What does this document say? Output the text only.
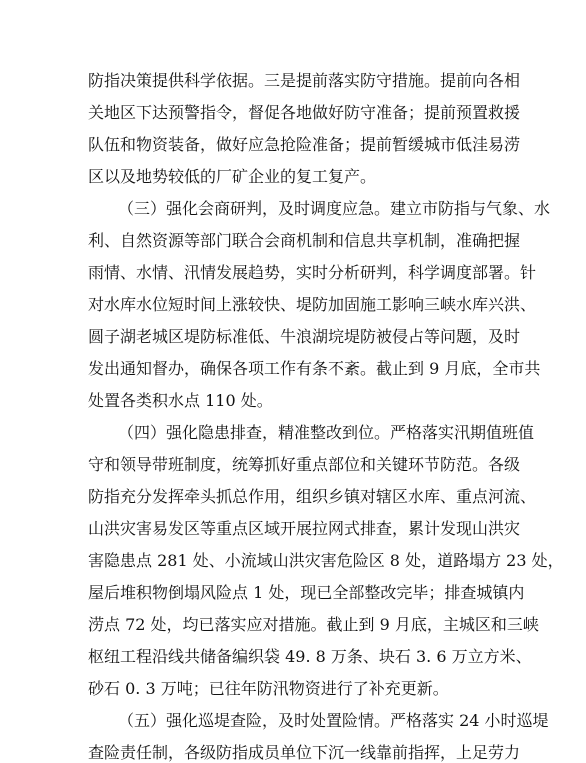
防指决策提供科学依据。三是提前落实防守措施。提前向各相
关地区下达预警指令，督促各地做好防守准备；提前预置救援
队伍和物资装备，做好应急抢险准备；提前暂缓城市低洼易涝
区以及地势较低的厂矿企业的复工复产。
（三）强化会商研判，及时调度应急。建立市防指与气象、水
利、自然资源等部门联合会商机制和信息共享机制，准确把握
雨情、水情、汛情发展趋势，实时分析研判，科学调度部署。针
对水库水位短时间上涨较快、堤防加固施工影响三峡水库兴洪、
圆子湖老城区堤防标准低、牛浪湖垸堤防被侵占等问题，及时
发出通知督办，确保各项工作有条不紊。截止到 9 月底，全市共
处置各类积水点 110 处。
（四）强化隐患排查，精准整改到位。严格落实汛期值班值
守和领导带班制度，统筹抓好重点部位和关键环节防范。各级
防指充分发挥牵头抓总作用，组织乡镇对辖区水库、重点河流、
山洪灾害易发区等重点区域开展拉网式排查，累计发现山洪灾
害隐患点 281 处、小流域山洪灾害危险区 8 处，道路塌方 23 处，
屋后堆积物倒塌风险点 1 处，现已全部整改完毕；排查城镇内
涝点 72 处，均已落实应对措施。截止到 9 月底，主城区和三峡
枢纽工程沿线共储备编织袋 49. 8 万条、块石 3. 6 万立方米、
砂石 0. 3 万吨；已往年防汛物资进行了补充更新。
（五）强化巡堤查险，及时处置险情。严格落实 24 小时巡堤
查险责任制，各级防指成员单位下沉一线靠前指挥，上足劳力
